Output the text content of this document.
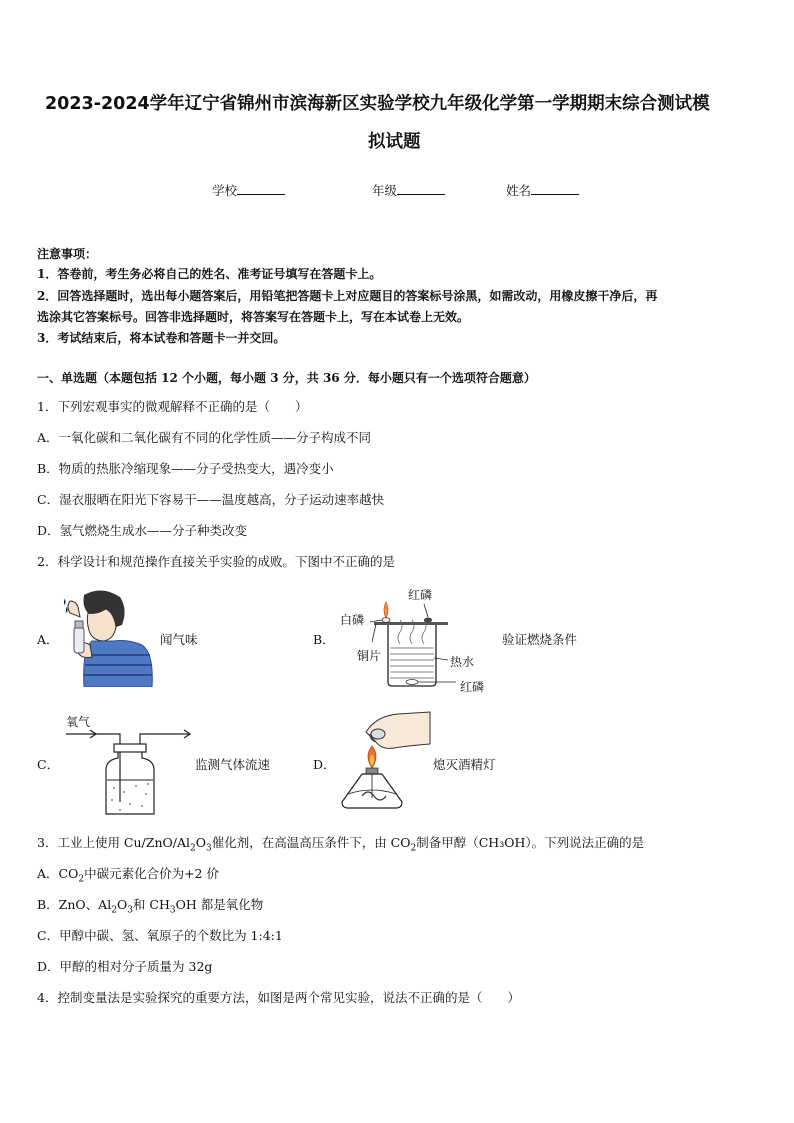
2023-2024学年辽宁省锦州市滨海新区实验学校九年级化学第一学期期末综合测试模
拟试题
学校	年级	姓名
注意事项：
1．答卷前，考生务必将自己的姓名、准考证号填写在答题卡上。
2．回答选择题时，选出每小题答案后，用铅笔把答题卡上对应题目的答案标号涂黑，如需改动，用橡皮擦干净后，再
选涂其它答案标号。回答非选择题时，将答案写在答题卡上，写在本试卷上无效。
3．考试结束后，将本试卷和答题卡一并交回。
一、单选题（本题包括 12 个小题，每小题 3 分，共 36 分．每小题只有一个选项符合题意）
1．下列宏观事实的微观解释不正确的是（　　）
A．一氧化碳和二氧化碳有不同的化学性质——分子构成不同
B．物质的热胀冷缩现象——分子受热变大，遇冷变小
C．湿衣服晒在阳光下容易干——温度越高，分子运动速率越快
D．氢气燃烧生成水——分子种类改变
2．科学设计和规范操作直接关乎实验的成败。下图中不正确的是
A．	闻气味	B．
红磷
白磷
铜片	热水
红磷
验证燃烧条件
C．
氧气
监测气体流速	D．	熄灭酒精灯
3．工业上使用 $Cu/ZnO/Al_2O_3$催化剂，在高温高压条件下，由 $CO_2$制备甲醇（CH₃OH）。下列说法正确的是
A．$CO_2$中碳元素化合价为+2 价
B．ZnO、$Al_2O_3$和 $CH_3OH$ 都是氧化物
C．甲醇中碳、氢、氧原子的个数比为 1:4:1
D．甲醇的相对分子质量为 32g
4．控制变量法是实验探究的重要方法，如图是两个常见实验，说法不正确的是（　　）
